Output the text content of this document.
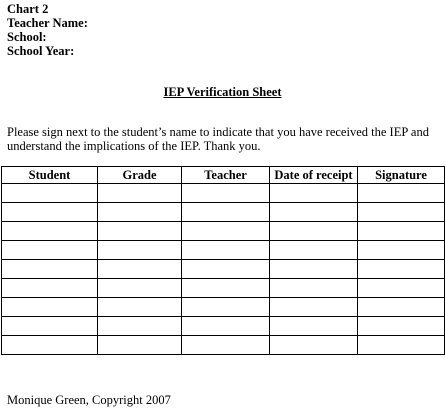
Chart 2
Teacher Name:
School:
School Year:
IEP Verification Sheet
Please sign next to the student’s name to indicate that you have received the IEP and understand the implications of the IEP. Thank you.
Student	Grade	Teacher	Date of receipt	Signature

Monique Green, Copyright 2007
